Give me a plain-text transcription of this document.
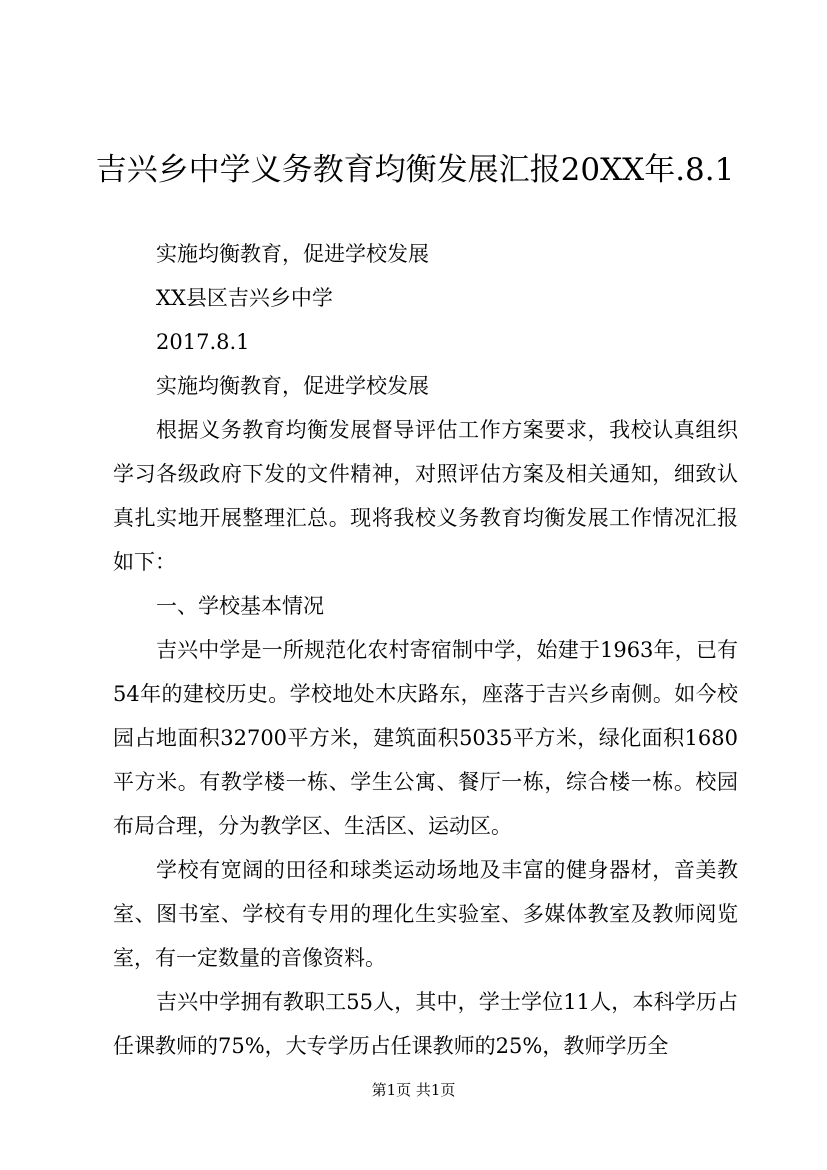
吉兴乡中学义务教育均衡发展汇报20XX年.8.1

实施均衡教育，促进学校发展

XX县区吉兴乡中学

2017.8.1

实施均衡教育，促进学校发展

根据义务教育均衡发展督导评估工作方案要求，我校认真组织学习各级政府下发的文件精神，对照评估方案及相关通知，细致认真扎实地开展整理汇总。现将我校义务教育均衡发展工作情况汇报如下：

一、学校基本情况

吉兴中学是一所规范化农村寄宿制中学，始建于1963年，已有54年的建校历史。学校地处木庆路东，座落于吉兴乡南侧。如今校园占地面积32700平方米，建筑面积5035平方米，绿化面积1680平方米。有教学楼一栋、学生公寓、餐厅一栋，综合楼一栋。校园布局合理，分为教学区、生活区、运动区。

学校有宽阔的田径和球类运动场地及丰富的健身器材，音美教室、图书室、学校有专用的理化生实验室、多媒体教室及教师阅览室，有一定数量的音像资料。

吉兴中学拥有教职工55人，其中，学士学位11人，本科学历占任课教师的75%，大专学历占任课教师的25%，教师学历全

第1页 共1页
